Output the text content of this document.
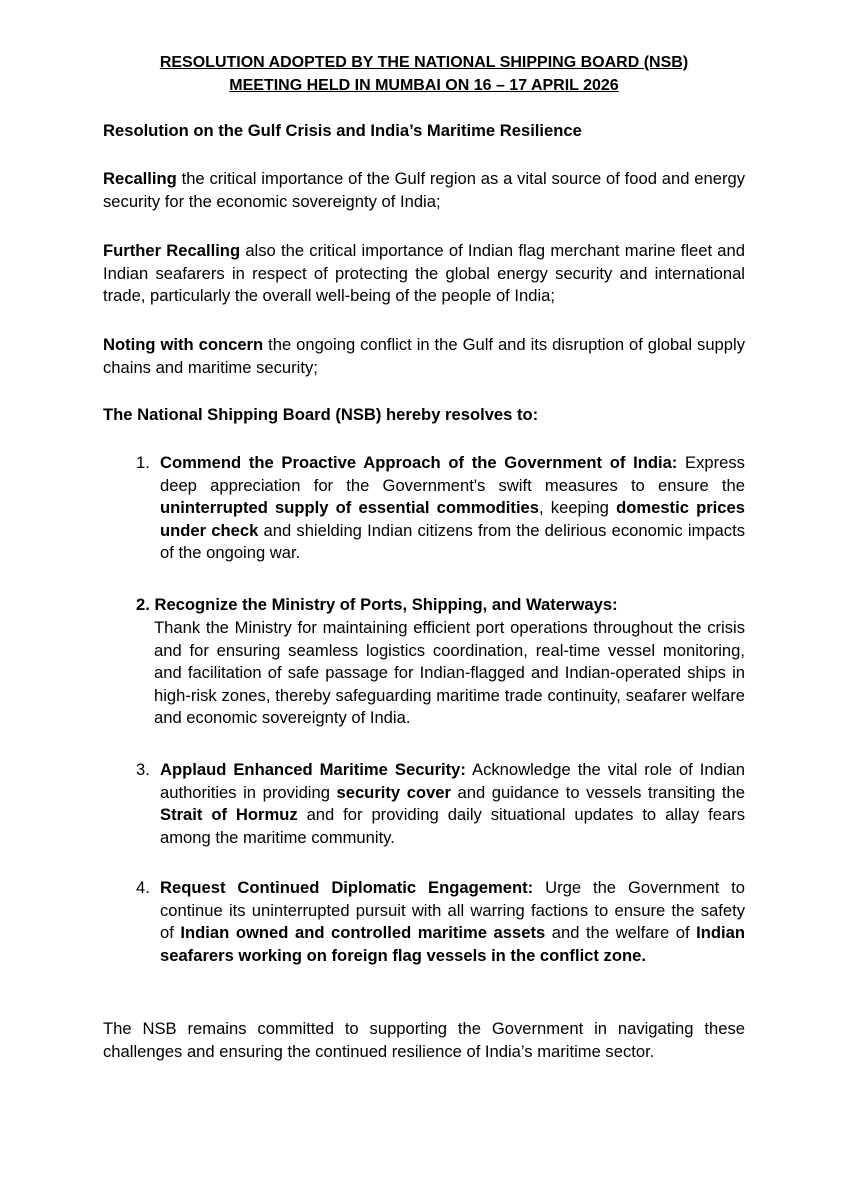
RESOLUTION ADOPTED BY THE NATIONAL SHIPPING BOARD (NSB)
MEETING HELD IN MUMBAI ON 16 – 17 APRIL 2026
Resolution on the Gulf Crisis and India’s Maritime Resilience
Recalling the critical importance of the Gulf region as a vital source of food and energy security for the economic sovereignty of India;
Further Recalling also the critical importance of Indian flag merchant marine fleet and Indian seafarers in respect of protecting the global energy security and international trade, particularly the overall well-being of the people of India;
Noting with concern the ongoing conflict in the Gulf and its disruption of global supply chains and maritime security;
The National Shipping Board (NSB) hereby resolves to:
1. Commend the Proactive Approach of the Government of India: Express deep appreciation for the Government's swift measures to ensure the uninterrupted supply of essential commodities, keeping domestic prices under check and shielding Indian citizens from the delirious economic impacts of the ongoing war.
2. Recognize the Ministry of Ports, Shipping, and Waterways:
Thank the Ministry for maintaining efficient port operations throughout the crisis and for ensuring seamless logistics coordination, real-time vessel monitoring, and facilitation of safe passage for Indian-flagged and Indian-operated ships in high-risk zones, thereby safeguarding maritime trade continuity, seafarer welfare and economic sovereignty of India.
3. Applaud Enhanced Maritime Security: Acknowledge the vital role of Indian authorities in providing security cover and guidance to vessels transiting the Strait of Hormuz and for providing daily situational updates to allay fears among the maritime community.
4. Request Continued Diplomatic Engagement: Urge the Government to continue its uninterrupted pursuit with all warring factions to ensure the safety of Indian owned and controlled maritime assets and the welfare of Indian seafarers working on foreign flag vessels in the conflict zone.
The NSB remains committed to supporting the Government in navigating these challenges and ensuring the continued resilience of India’s maritime sector.
